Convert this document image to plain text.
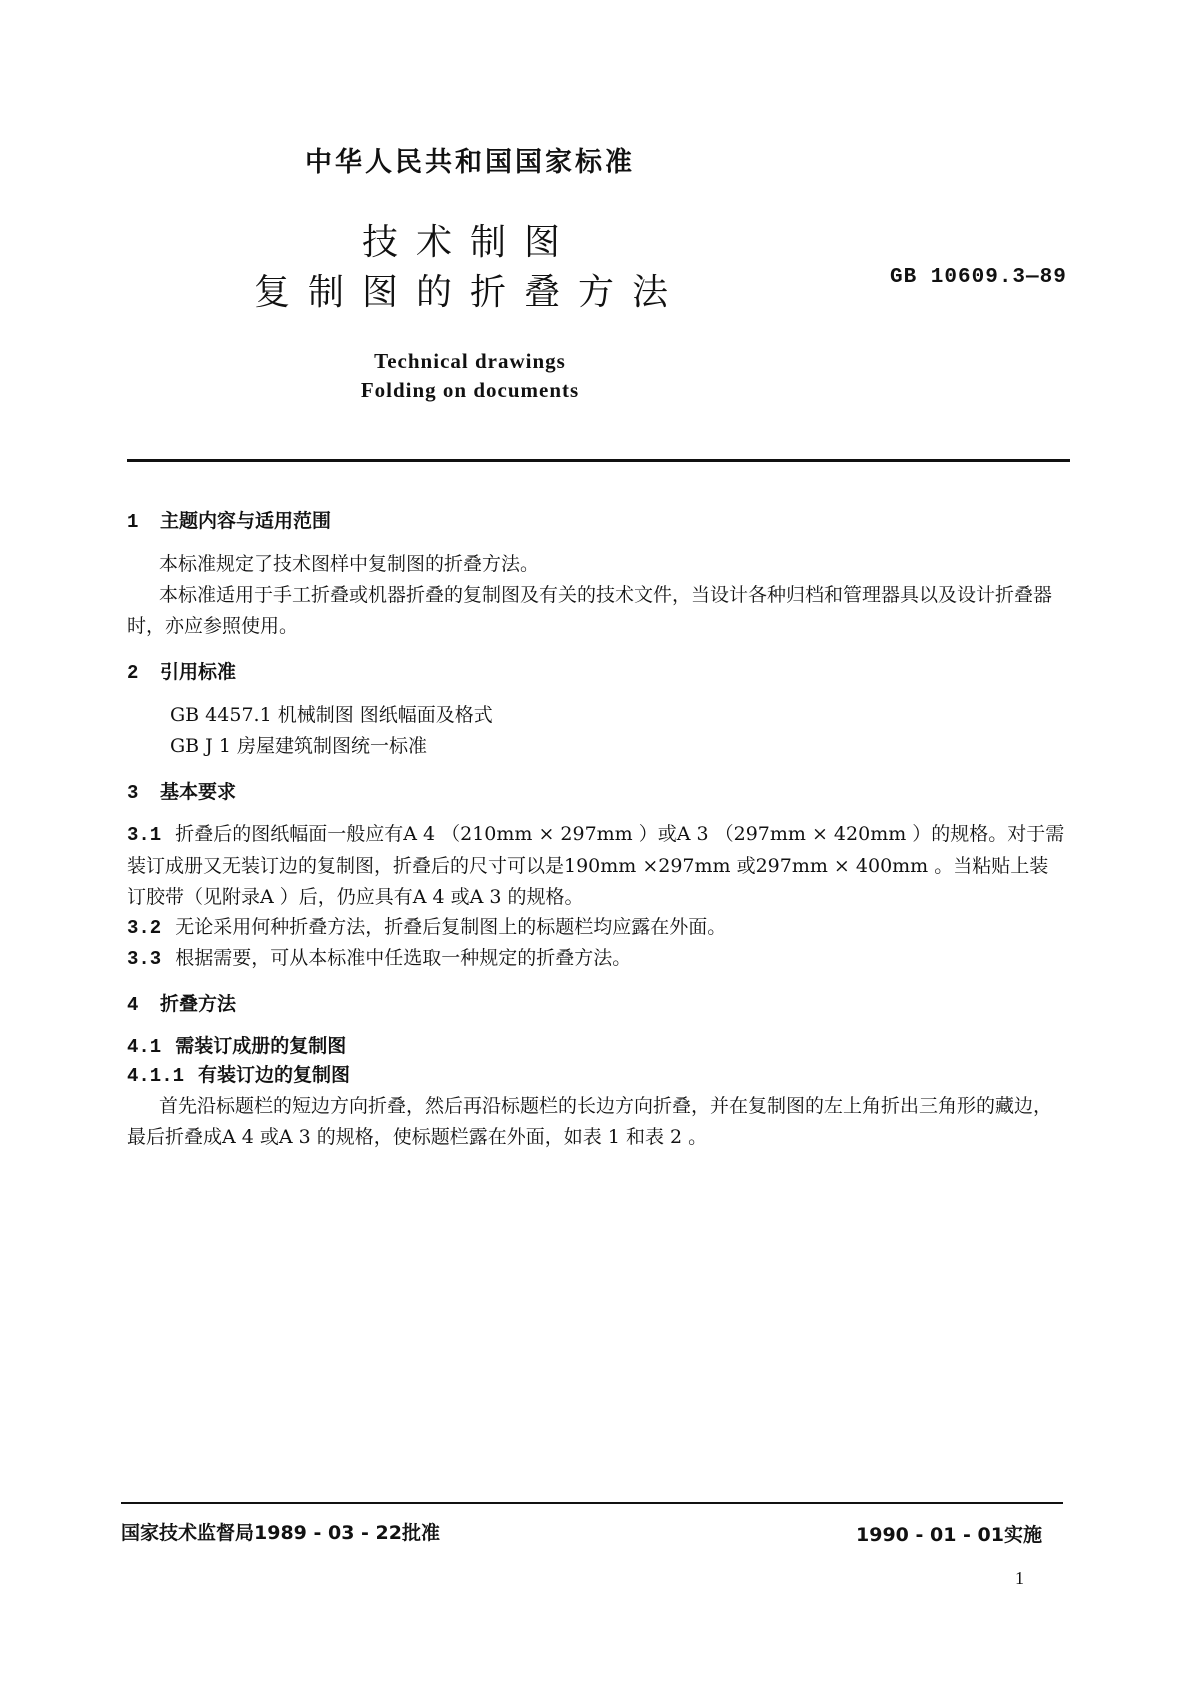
中华人民共和国国家标准
技术制图
复制图的折叠方法	GB 10609.3—89
Technical drawings
Folding on documents
1 主题内容与适用范围
本标准规定了技术图样中复制图的折叠方法。
本标准适用于手工折叠或机器折叠的复制图及有关的技术文件，当设计各种归档和管理器具以及设计折叠器时，亦应参照使用。
2 引用标准
GB 4457.1 机械制图 图纸幅面及格式
GB J 1 房屋建筑制图统一标准
3 基本要求
3.1 折叠后的图纸幅面一般应有A 4 （210mm × 297mm ）或A 3 （297mm × 420mm ）的规格。对于需装订成册又无装订边的复制图，折叠后的尺寸可以是190mm ×297mm 或297mm × 400mm 。当粘贴上装订胶带（见附录A ）后，仍应具有A 4 或A 3 的规格。
3.2 无论采用何种折叠方法，折叠后复制图上的标题栏均应露在外面。
3.3 根据需要，可从本标准中任选取一种规定的折叠方法。
4 折叠方法
4.1 需装订成册的复制图
4.1.1 有装订边的复制图
首先沿标题栏的短边方向折叠，然后再沿标题栏的长边方向折叠，并在复制图的左上角折出三角形的藏边，最后折叠成A 4 或A 3 的规格，使标题栏露在外面，如表 1 和表 2 。
国家技术监督局1989 - 03 - 22批准	1990 - 01 - 01实施
1
